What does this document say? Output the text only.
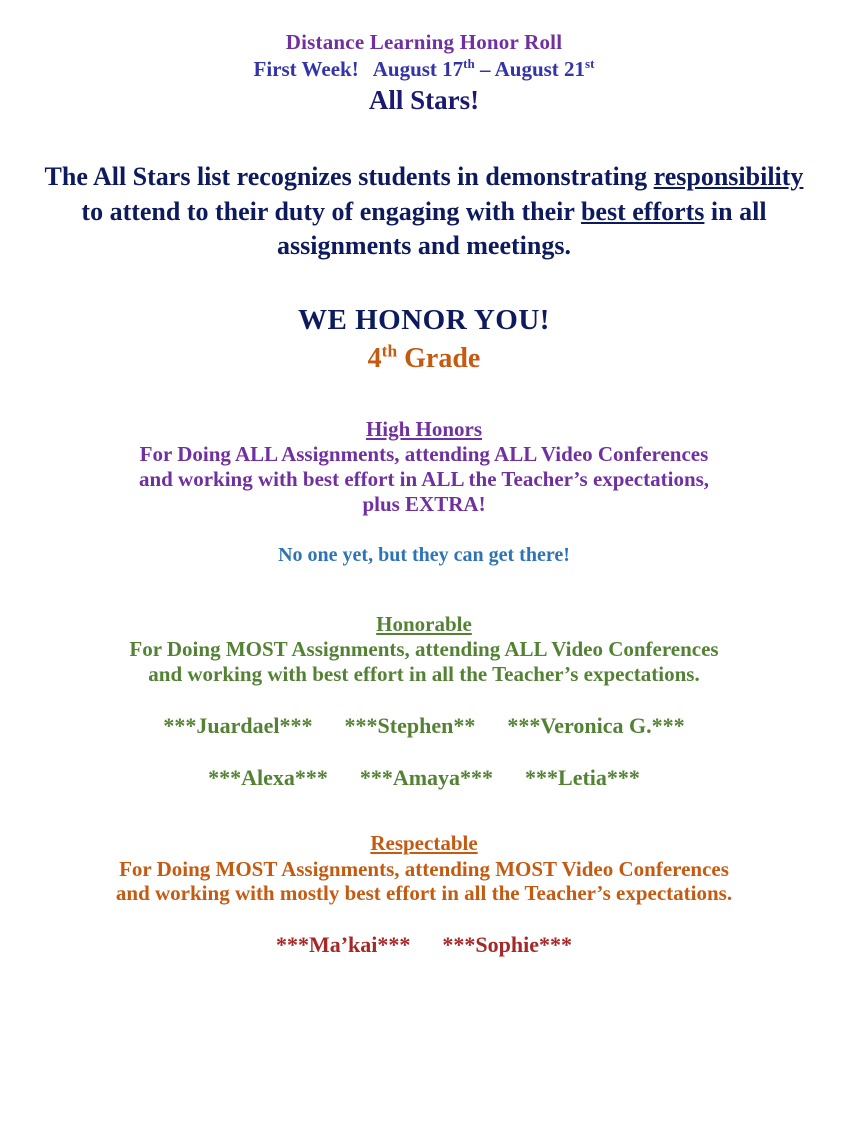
Distance Learning Honor Roll
First Week! August 17th – August 21st
All Stars!
The All Stars list recognizes students in demonstrating responsibility to attend to their duty of engaging with their best efforts in all assignments and meetings.
WE HONOR YOU!
4th Grade
High Honors
For Doing ALL Assignments, attending ALL Video Conferences
and working with best effort in ALL the Teacher’s expectations,
plus EXTRA!
No one yet, but they can get there!
Honorable
For Doing MOST Assignments, attending ALL Video Conferences
and working with best effort in all the Teacher’s expectations.
***Juardael*** ***Stephen** ***Veronica G.***
***Alexa*** ***Amaya*** ***Letia***
Respectable
For Doing MOST Assignments, attending MOST Video Conferences
and working with mostly best effort in all the Teacher’s expectations.
***Ma’kai*** ***Sophie***
